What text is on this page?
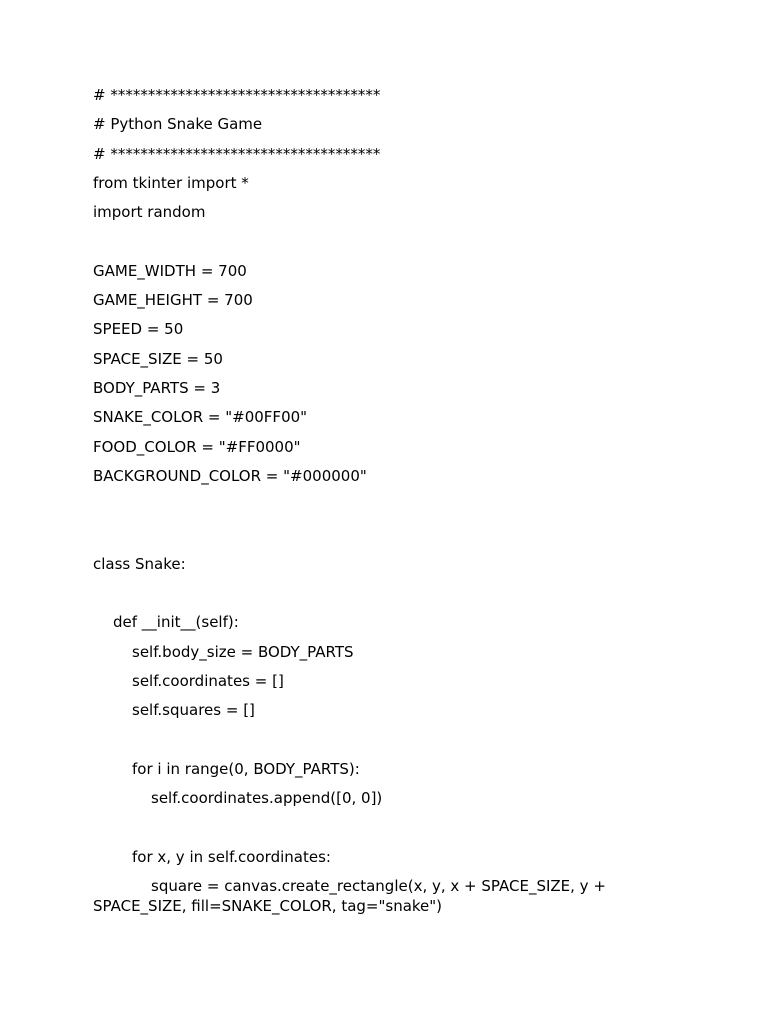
# ************************************
# Python Snake Game
# ************************************
from tkinter import *
import random
GAME_WIDTH = 700
GAME_HEIGHT = 700
SPEED = 50
SPACE_SIZE = 50
BODY_PARTS = 3
SNAKE_COLOR = "#00FF00"
FOOD_COLOR = "#FF0000"
BACKGROUND_COLOR = "#000000"
class Snake:
def __init__(self):
self.body_size = BODY_PARTS
self.coordinates = []
self.squares = []
for i in range(0, BODY_PARTS):
self.coordinates.append([0, 0])
for x, y in self.coordinates:
square = canvas.create_rectangle(x, y, x + SPACE_SIZE, y + SPACE_SIZE, fill=SNAKE_COLOR, tag="snake")
